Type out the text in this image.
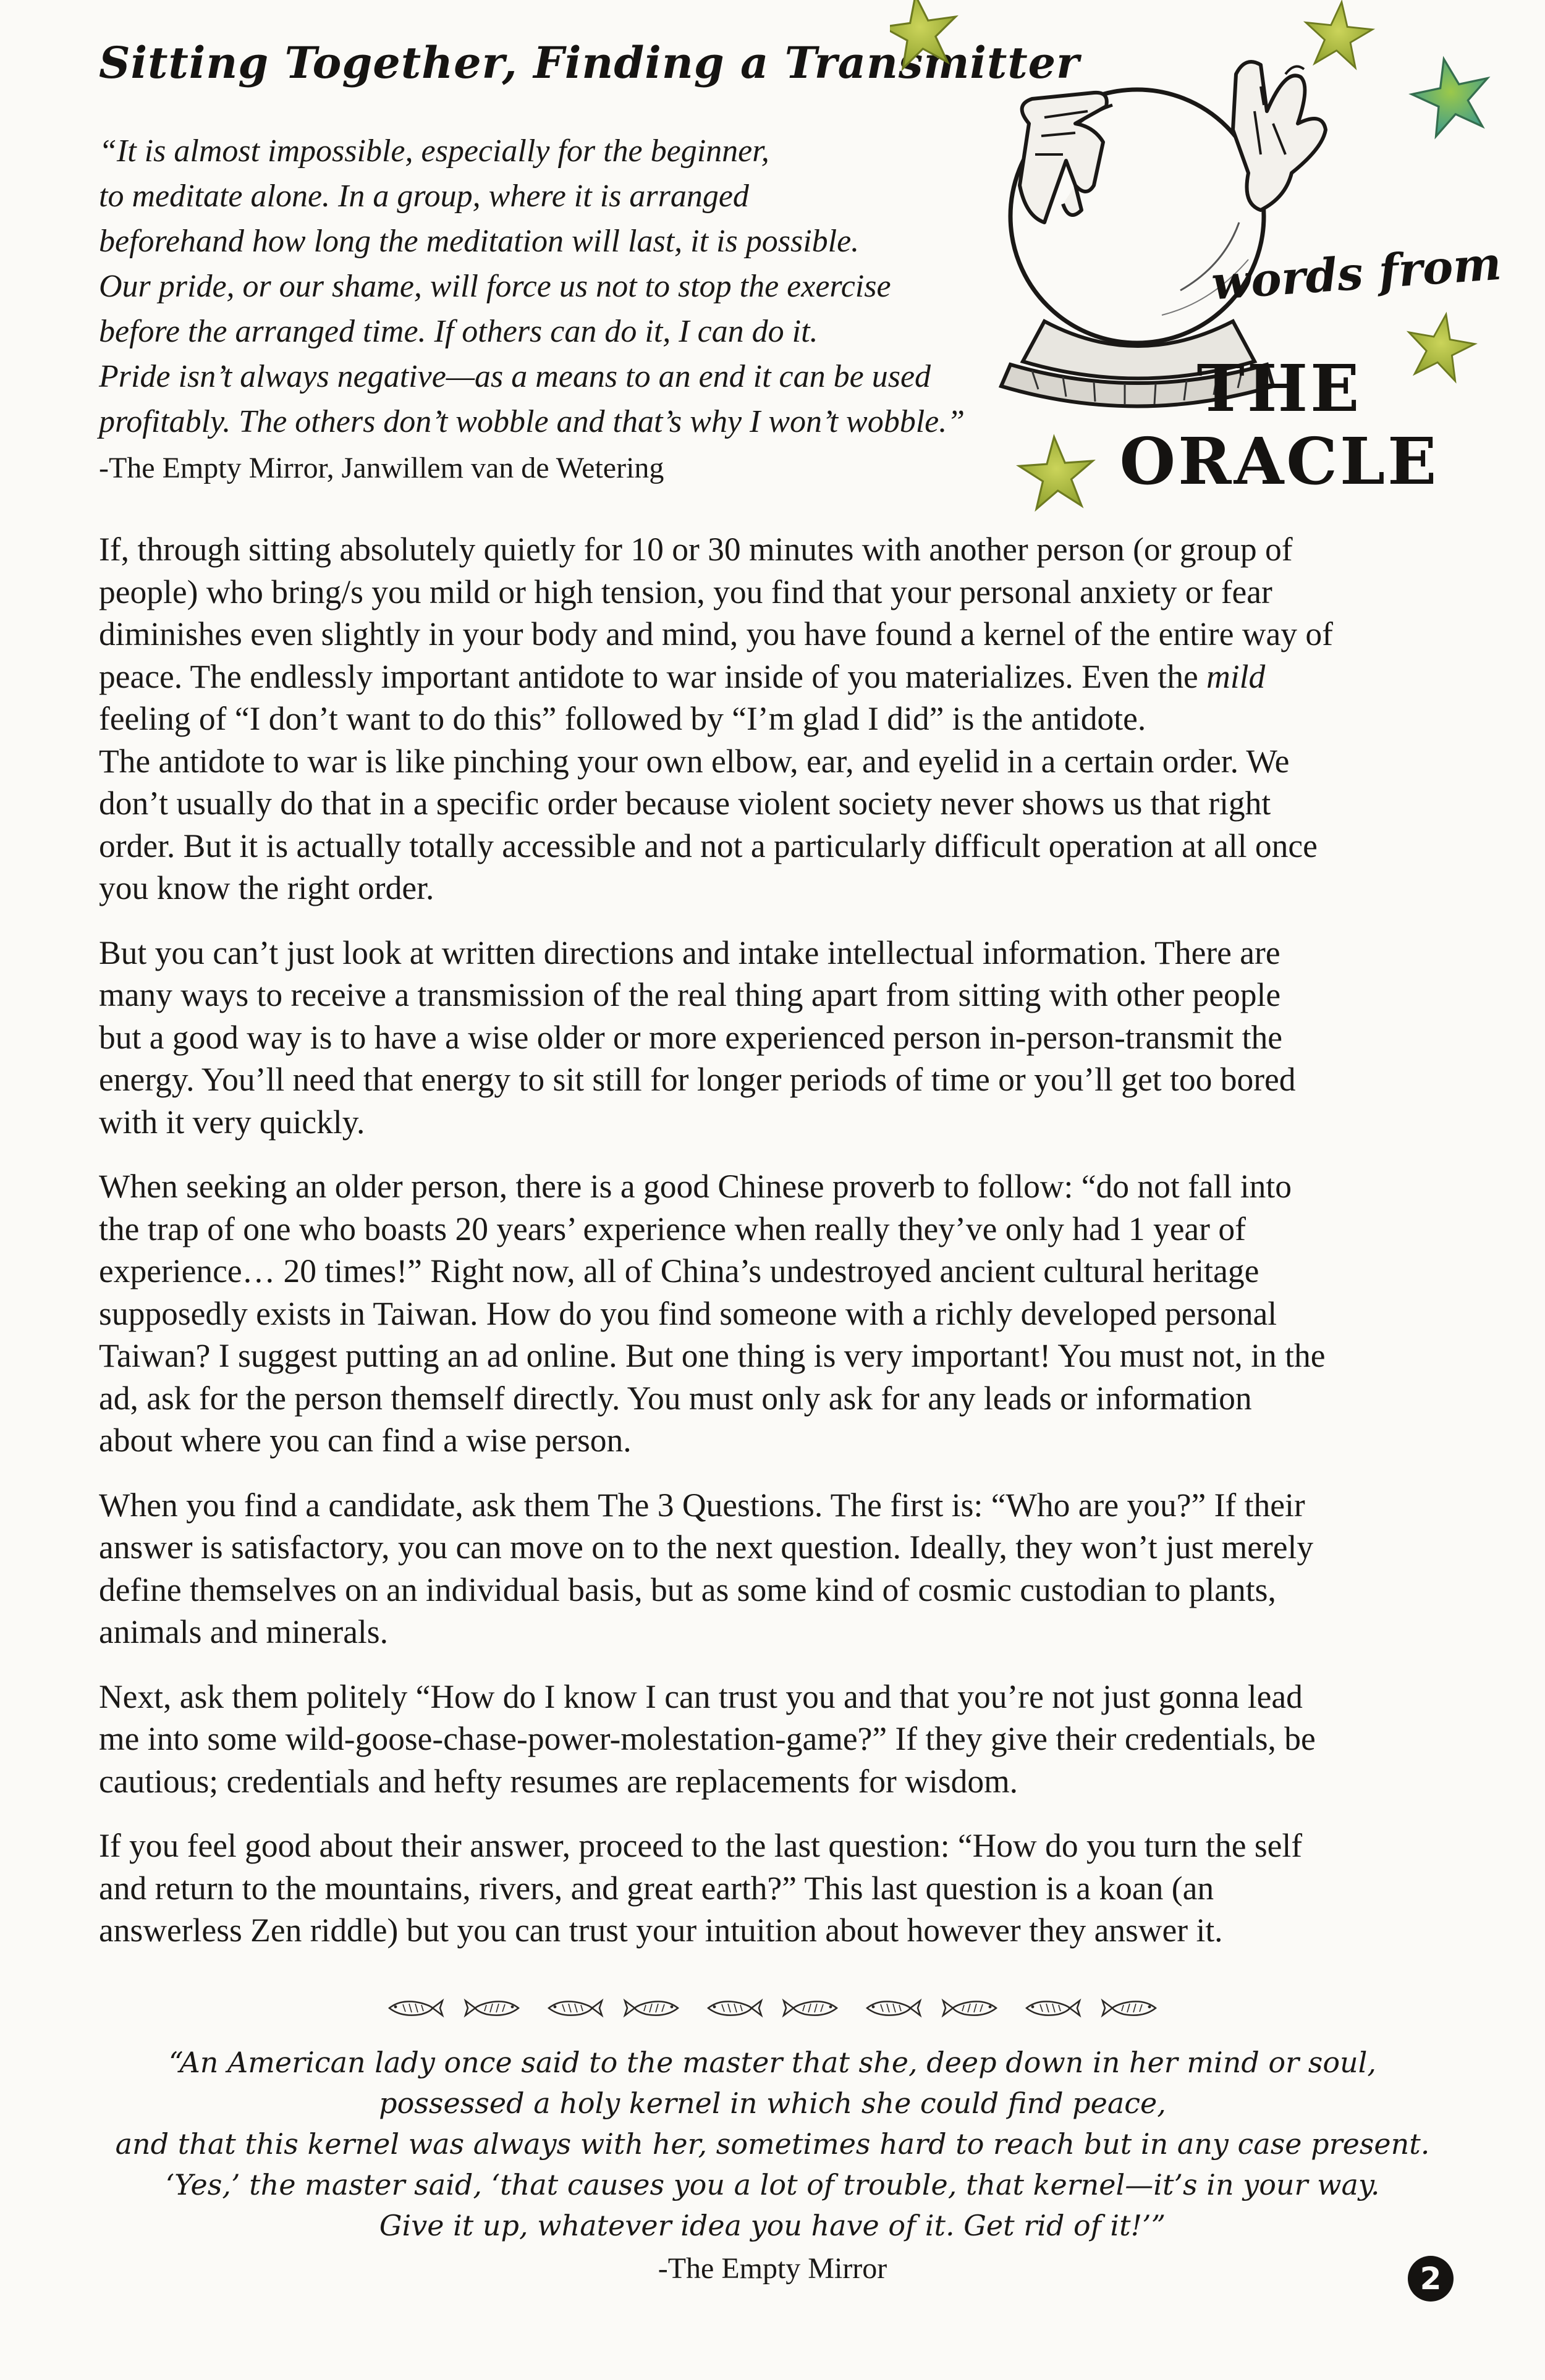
Sitting Together, Finding a Transmitter
“It is almost impossible, especially for the beginner,
to meditate alone. In a group, where it is arranged
beforehand how long the meditation will last, it is possible.
Our pride, or our shame, will force us not to stop the exercise
before the arranged time. If others can do it, I can do it.
Pride isn’t always negative—as a means to an end it can be used
profitably. The others don’t wobble and that’s why I won’t wobble.”
-The Empty Mirror, Janwillem van de Wetering
words from
THE
ORACLE

If, through sitting absolutely quietly for 10 or 30 minutes with another person (or group of
people) who bring/s you mild or high tension, you find that your personal anxiety or fear
diminishes even slightly in your body and mind, you have found a kernel of the entire way of
peace. The endlessly important antidote to war inside of you materializes. Even the mild
feeling of “I don’t want to do this” followed by “I’m glad I did” is the antidote.

The antidote to war is like pinching your own elbow, ear, and eyelid in a certain order. We
don’t usually do that in a specific order because violent society never shows us that right
order. But it is actually totally accessible and not a particularly difficult operation at all once
you know the right order.

But you can’t just look at written directions and intake intellectual information. There are
many ways to receive a transmission of the real thing apart from sitting with other people
but a good way is to have a wise older or more experienced person in-person-transmit the
energy. You’ll need that energy to sit still for longer periods of time or you’ll get too bored
with it very quickly.

When seeking an older person, there is a good Chinese proverb to follow: “do not fall into
the trap of one who boasts 20 years’ experience when really they’ve only had 1 year of
experience… 20 times!” Right now, all of China’s undestroyed ancient cultural heritage
supposedly exists in Taiwan. How do you find someone with a richly developed personal
Taiwan? I suggest putting an ad online. But one thing is very important! You must not, in the
ad, ask for the person themself directly. You must only ask for any leads or information
about where you can find a wise person.

When you find a candidate, ask them The 3 Questions. The first is: “Who are you?” If their
answer is satisfactory, you can move on to the next question. Ideally, they won’t just merely
define themselves on an individual basis, but as some kind of cosmic custodian to plants,
animals and minerals.

Next, ask them politely “How do I know I can trust you and that you’re not just gonna lead
me into some wild-goose-chase-power-molestation-game?” If they give their credentials, be
cautious; credentials and hefty resumes are replacements for wisdom.

If you feel good about their answer, proceed to the last question: “How do you turn the self
and return to the mountains, rivers, and great earth?” This last question is a koan (an
answerless Zen riddle) but you can trust your intuition about however they answer it.

“An American lady once said to the master that she, deep down in her mind or soul,
possessed a holy kernel in which she could find peace,
and that this kernel was always with her, sometimes hard to reach but in any case present.
‘Yes,’ the master said, ‘that causes you a lot of trouble, that kernel—it’s in your way.
Give it up, whatever idea you have of it. Get rid of it!’”
-The Empty Mirror	2
